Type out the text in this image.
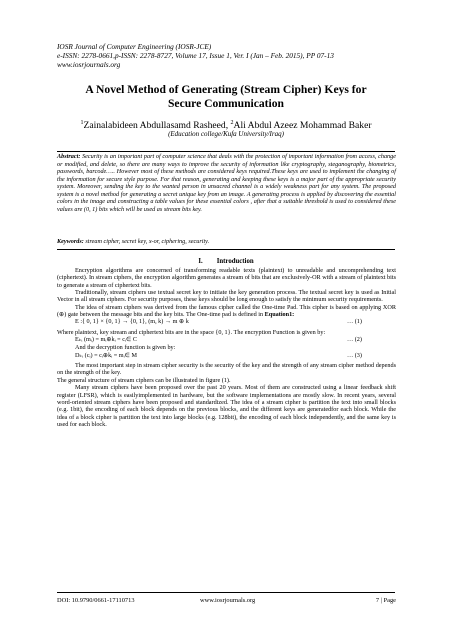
IOSR Journal of Computer Engineering (IOSR-JCE)
e-ISSN: 2278-0661,p-ISSN: 2278-8727, Volume 17, Issue 1, Ver. I (Jan – Feb. 2015), PP 07-13
www.iosrjournals.org
A Novel Method of Generating (Stream Cipher) Keys for
Secure Communication
$^1$Zainalabideen Abdullasamd Rasheed, $^2$Ali Abdul Azeez Mohammad Baker
(Education college/Kufa University/Iraq)
Abstract: Security is an important part of computer science that deals with the protection of important information from access, change or modified, and delete, so there are many ways to improve the security of information like cryptography, steganography, biometrics, passwords, barcode….. However most of these methods are considered keys required.These keys are used to implement the changing of the information for secure style purpose. For that reason, generating and keeping these keys is a major part of the appropriate security system. Moreover, sending the key to the wanted person in unsacred channel is a widely weakness part for any system. The proposed system is a novel method for generating a secret unique key from an image. A generating process is applied by discovering the essential colors in the image and constructing a table values for these essential colors , after that a suitable threshold is used to considered these values are (0, 1) bits which will be used as stream bits key.
Keywords: stream cipher, secret key, x-or, ciphering, security.
I. Introduction

Encryption algorithms are concerned of transforming readable texts (plaintext) to unreadable and uncomprehending text (ciphertext). In stream ciphers, the encryption algorithm generates a stream of bits that are exclusively-OR with a stream of plaintext bits to generate a stream of ciphertext bits.

Traditionally, stream ciphers use textual secret key to initiate the key generation process. The textual secret key is used as Initial Vector in all stream ciphers. For security purposes, these keys should be long enough to satisfy the minimum security requirements.

The idea of stream ciphers was derived from the famous cipher called the One-time Pad. This cipher is based on applying XOR (⊕) gate between the message bits and the key bits. The One-time pad is defined in Equation1:

E :{ 0, 1} × {0, 1} → {0, 1}, (m, k) → m ⊕ k	… (1)

Where plaintext, key stream and ciphertext bits are in the space {0, 1}. The encryption Function is given by:

Eₖᵢ (mᵢ) = mᵢ⊕kᵢ = cᵢ∈ C	… (2)
And the decryption function is given by:
Dₖᵢ (cᵢ) = cᵢ⊕kᵢ = mᵢ∈ M	… (3)

The most important step in stream cipher security is the security of the key and the strength of any stream cipher method depends on the strength of the key.

The general structure of stream ciphers can be illustrated in figure (1).

Many stream ciphers have been proposed over the past 20 years. Most of them are constructed using a linear feedback shift register (LFSR), which is easilyimplemented in hardware, but the software implementations are mostly slow. In recent years, several word-oriented stream ciphers have been proposed and standardized. The idea of a stream cipher is partition the text into small blocks (e.g. 1bit), the encoding of each block depends on the previous blocks, and the different keys are generatedfor each block. While the idea of a block cipher is partition the text into large blocks (e.g. 128bit), the encoding of each block independently, and the same key is used for each block.

DOI: 10.9790/0661-17110713	www.iosrjournals.org	7 | Page
